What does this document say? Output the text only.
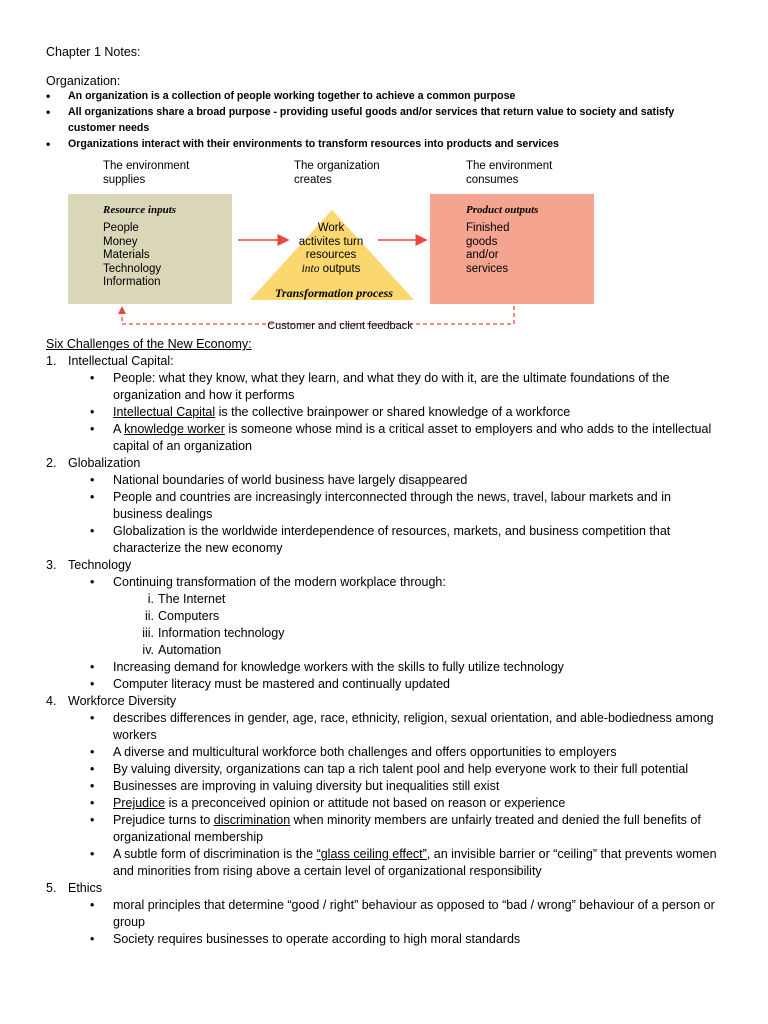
Chapter 1 Notes:
Organization:
• An organization is a collection of people working together to achieve a common purpose
• All organizations share a broad purpose - providing useful goods and/or services that return value to society and satisfy
customer needs
• Organizations interact with their environments to transform resources into products and services
The environment
supplies
The organization
creates
The environment
consumes
Resource inputs
People
Money
Materials
Technology
Information
Work
activites turn
resources
into outputs
Transformation process
Product outputs
Finished
goods
and/or
services
Customer and client feedback
Six Challenges of the New Economy:
1. Intellectual Capital:
• People: what they know, what they learn, and what they do with it, are the ultimate foundations of the
organization and how it performs
• Intellectual Capital is the collective brainpower or shared knowledge of a workforce
• A knowledge worker is someone whose mind is a critical asset to employers and who adds to the intellectual
capital of an organization
2. Globalization
• National boundaries of world business have largely disappeared
• People and countries are increasingly interconnected through the news, travel, labour markets and in
business dealings
• Globalization is the worldwide interdependence of resources, markets, and business competition that
characterize the new economy
3. Technology
• Continuing transformation of the modern workplace through:
i. The Internet
ii. Computers
iii. Information technology
iv. Automation
• Increasing demand for knowledge workers with the skills to fully utilize technology
• Computer literacy must be mastered and continually updated
4. Workforce Diversity
• describes differences in gender, age, race, ethnicity, religion, sexual orientation, and able-bodiedness among
workers
• A diverse and multicultural workforce both challenges and offers opportunities to employers
• By valuing diversity, organizations can tap a rich talent pool and help everyone work to their full potential
• Businesses are improving in valuing diversity but inequalities still exist
• Prejudice is a preconceived opinion or attitude not based on reason or experience
• Prejudice turns to discrimination when minority members are unfairly treated and denied the full benefits of
organizational membership
• A subtle form of discrimination is the “glass ceiling effect”, an invisible barrier or “ceiling” that prevents women
and minorities from rising above a certain level of organizational responsibility
5. Ethics
• moral principles that determine “good / right” behaviour as opposed to “bad / wrong” behaviour of a person or
group
• Society requires businesses to operate according to high moral standards
